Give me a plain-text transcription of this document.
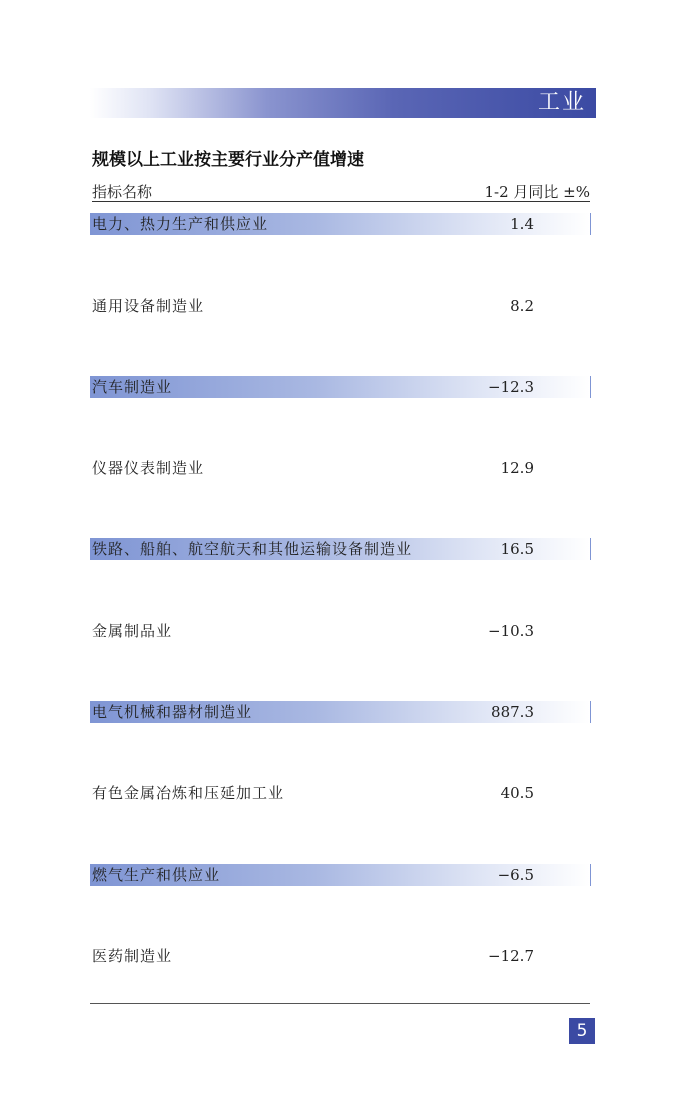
工业
规模以上工业按主要行业分产值增速
指标名称	1-2 月同比 ±%
电力、热力生产和供应业	1.4
通用设备制造业	8.2
汽车制造业	−12.3
仪器仪表制造业	12.9
铁路、船舶、航空航天和其他运输设备制造业	16.5
金属制品业	−10.3
电气机械和器材制造业	887.3
有色金属冶炼和压延加工业	40.5
燃气生产和供应业	−6.5
医药制造业	−12.7
5
